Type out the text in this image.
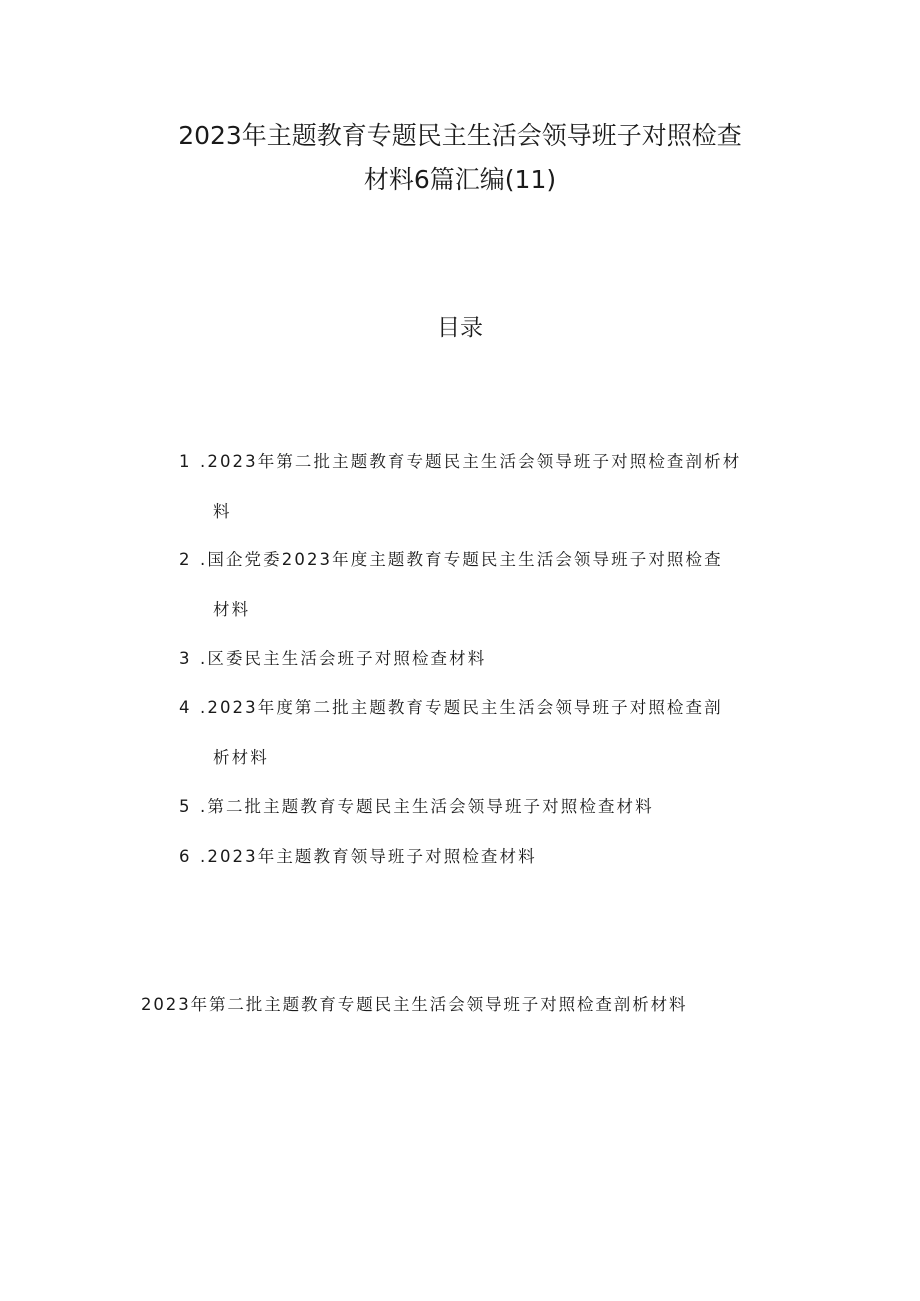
2023年主题教育专题民主生活会领导班子对照检查
材料6篇汇编(11)
目录
1 .2023年第二批主题教育专题民主生活会领导班子对照检查剖析材
料
2 .国企党委2023年度主题教育专题民主生活会领导班子对照检查
材料
3 .区委民主生活会班子对照检查材料
4 .2023年度第二批主题教育专题民主生活会领导班子对照检查剖
析材料
5 .第二批主题教育专题民主生活会领导班子对照检查材料
6 .2023年主题教育领导班子对照检查材料
2023年第二批主题教育专题民主生活会领导班子对照检查剖析材料
